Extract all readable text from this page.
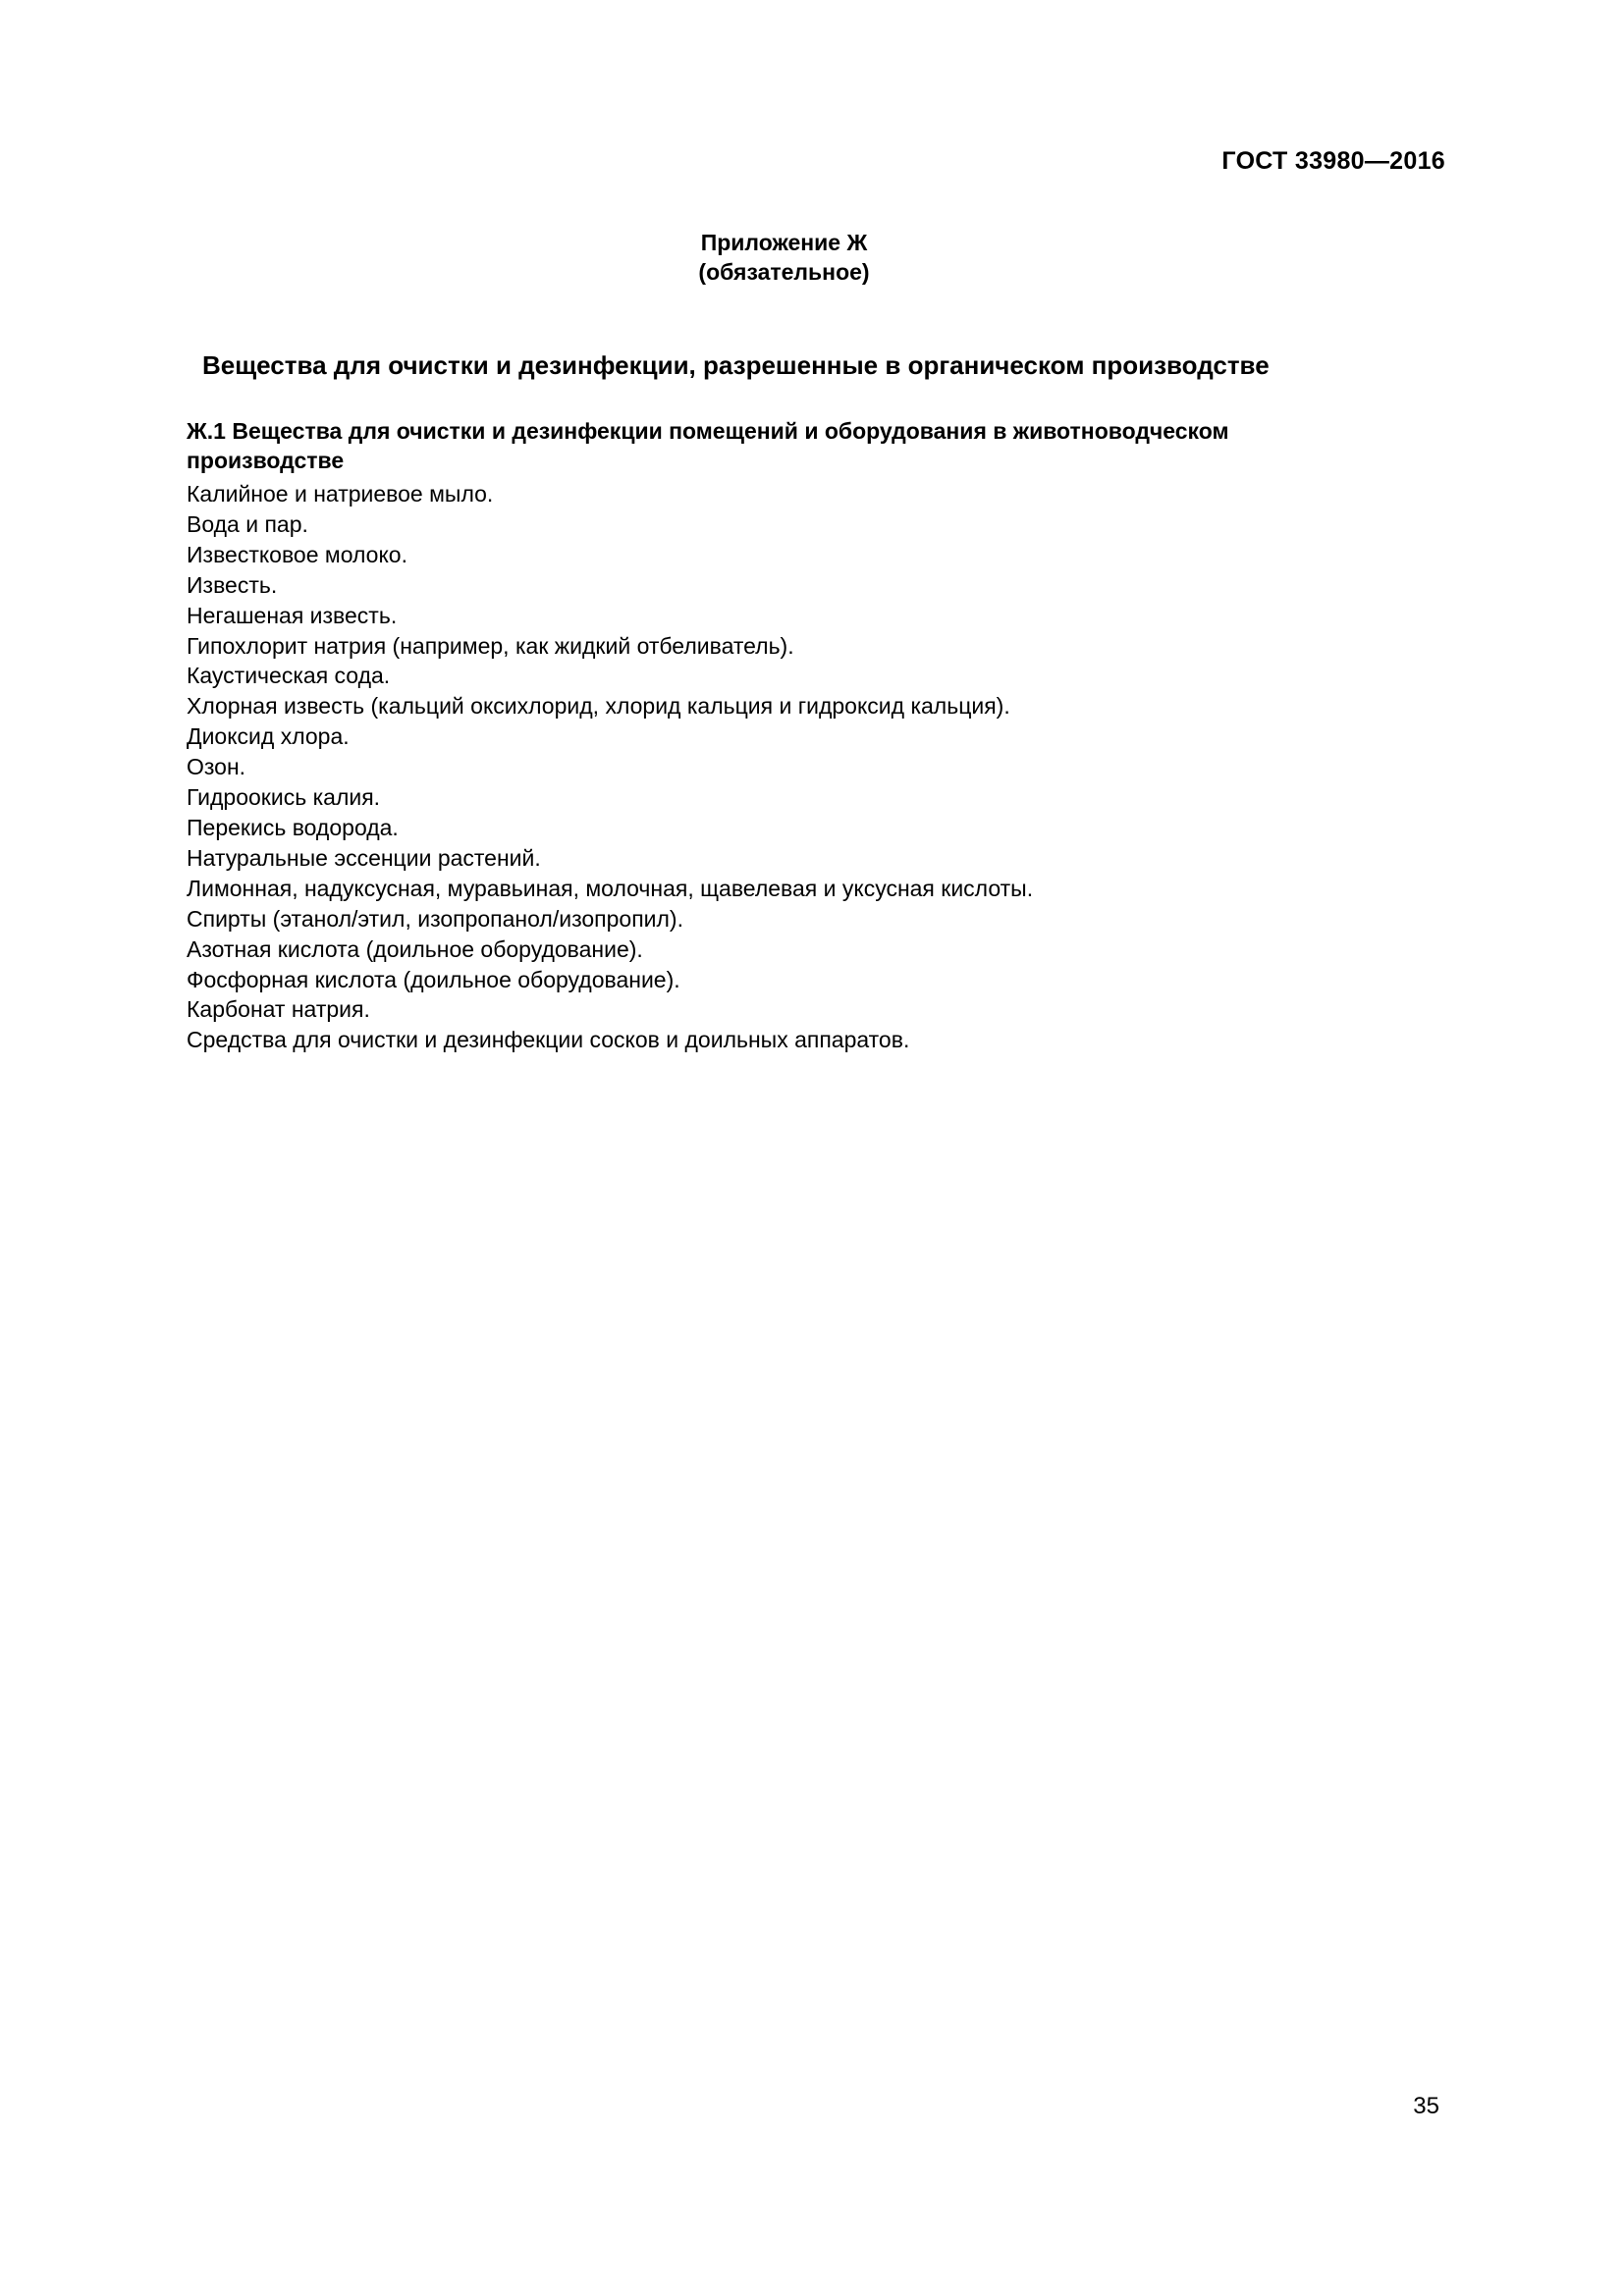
ГОСТ 33980—2016
Приложение Ж
(обязательное)
Вещества для очистки и дезинфекции, разрешенные в органическом производстве
Ж.1 Вещества для очистки и дезинфекции помещений и оборудования в животноводческом
производстве
Калийное и натриевое мыло.
Вода и пар.
Известковое молоко.
Известь.
Негашеная известь.
Гипохлорит натрия (например, как жидкий отбеливатель).
Каустическая сода.
Хлорная известь (кальций оксихлорид, хлорид кальция и гидроксид кальция).
Диоксид хлора.
Озон.
Гидроокись калия.
Перекись водорода.
Натуральные эссенции растений.
Лимонная, надуксусная, муравьиная, молочная, щавелевая и уксусная кислоты.
Спирты (этанол/этил, изопропанол/изопропил).
Азотная кислота (доильное оборудование).
Фосфорная кислота (доильное оборудование).
Карбонат натрия.
Средства для очистки и дезинфекции сосков и доильных аппаратов.
35
